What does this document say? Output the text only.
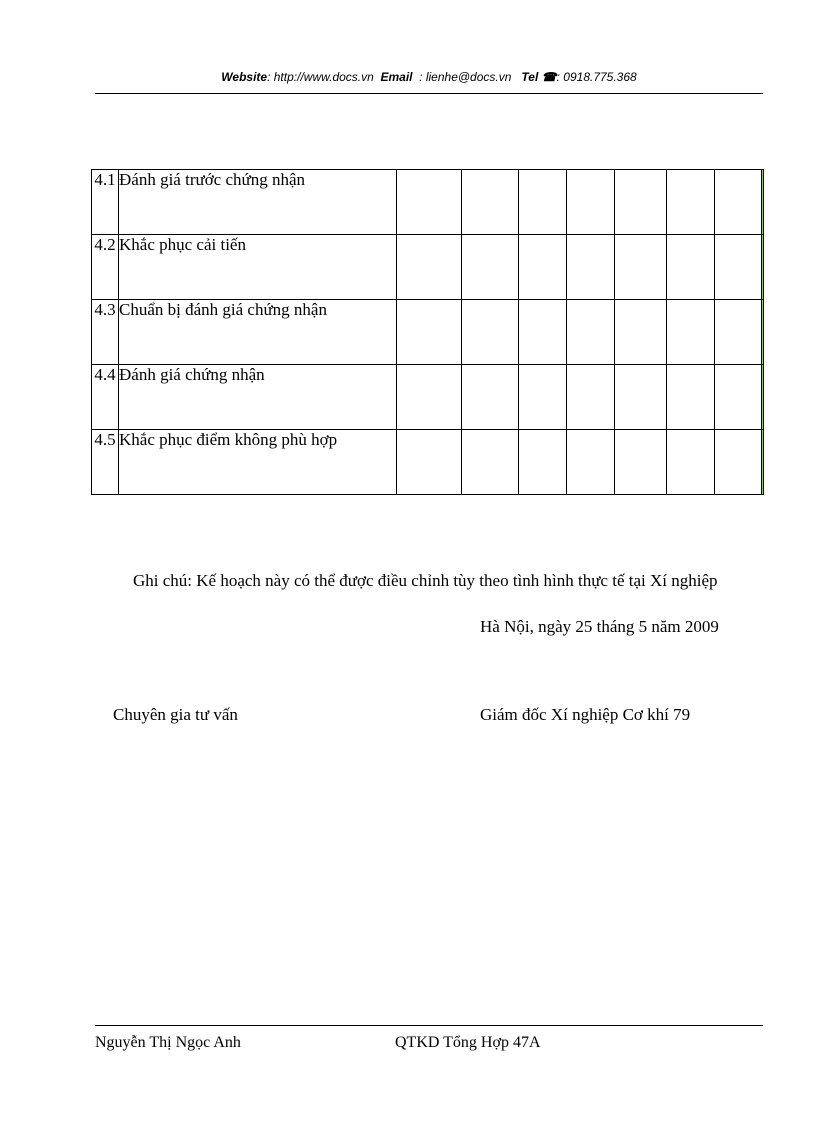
Website: http://www.docs.vn Email : lienhe@docs.vn Tel ☎: 0918.775.368
4.1	Đánh giá trước chứng nhận								
4.2	Khắc phục cải tiến								
4.3	Chuẩn bị đánh giá chứng nhận								
4.4	Đánh giá chứng nhận								
4.5	Khắc phục điểm không phù hợp								
Ghi chú: Kế hoạch này có thể được điều chỉnh tùy theo tình hình thực tế tại Xí nghiệp
Hà Nội, ngày 25 tháng 5 năm 2009
Chuyên gia tư vấn	Giám đốc Xí nghiệp Cơ khí 79
Nguyễn Thị Ngọc Anh	QTKD Tổng Hợp 47A
